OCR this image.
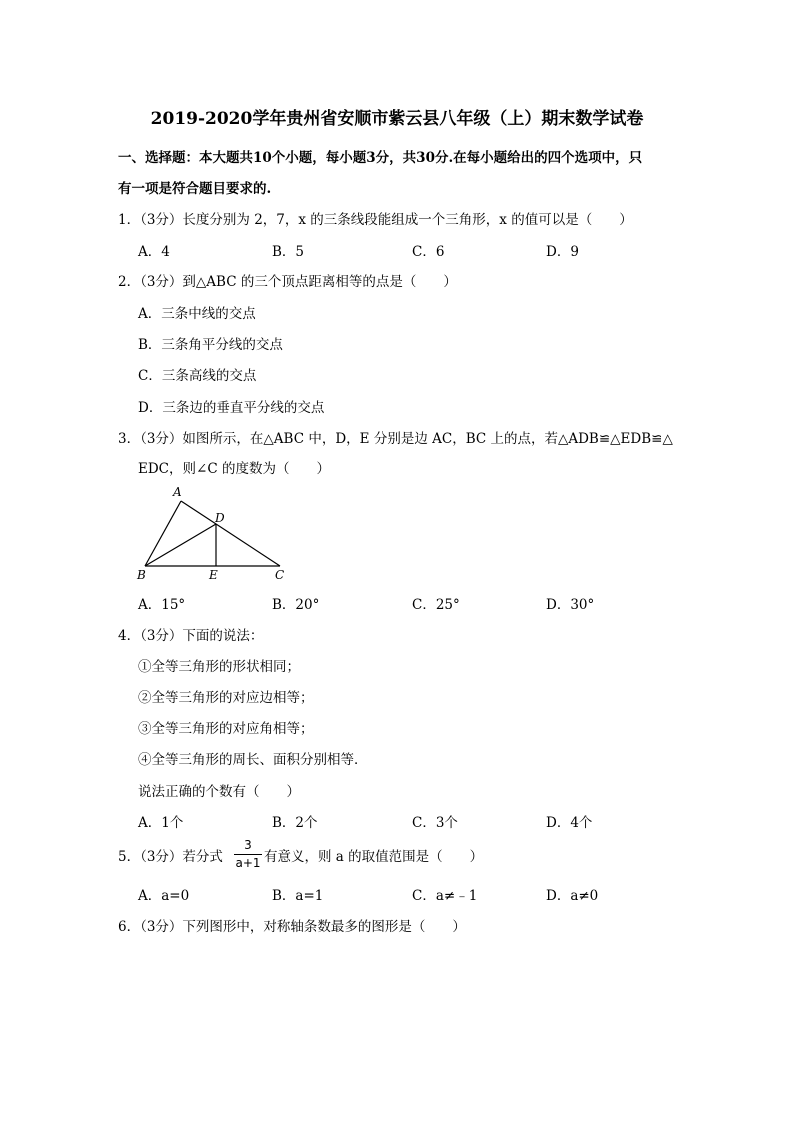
2019-2020学年贵州省安顺市紫云县八年级（上）期末数学试卷
一、选择题：本大题共10个小题，每小题3分，共30分.在每小题给出的四个选项中，只
有一项是符合题目要求的.
1．（3分）长度分别为 2，7，x 的三条线段能组成一个三角形，x 的值可以是（　　）
A．4	B．5	C．6	D．9
2．（3分）到△ABC 的三个顶点距离相等的点是（　　）
A．三条中线的交点
B．三条角平分线的交点
C．三条高线的交点
D．三条边的垂直平分线的交点
3．（3分）如图所示，在△ABC 中，D，E 分别是边 AC，BC 上的点，若△ADB≌△EDB≌△
EDC，则∠C 的度数为（　　）
A
B	C
D
E
A．15°	B．20°	C．25°	D．30°
4．（3分）下面的说法：
①全等三角形的形状相同；
②全等三角形的对应边相等；
③全等三角形的对应角相等；
④全等三角形的周长、面积分别相等．
说法正确的个数有（　　）
A．1个	B．2个	C．3个	D．4个
5．（3分）若分式
3
a+1 有意义，则 a 的取值范围是（　　）
A．a=0	B．a=1	C．a≠﹣1	D．a≠0
6．（3分）下列图形中，对称轴条数最多的图形是（　　）
